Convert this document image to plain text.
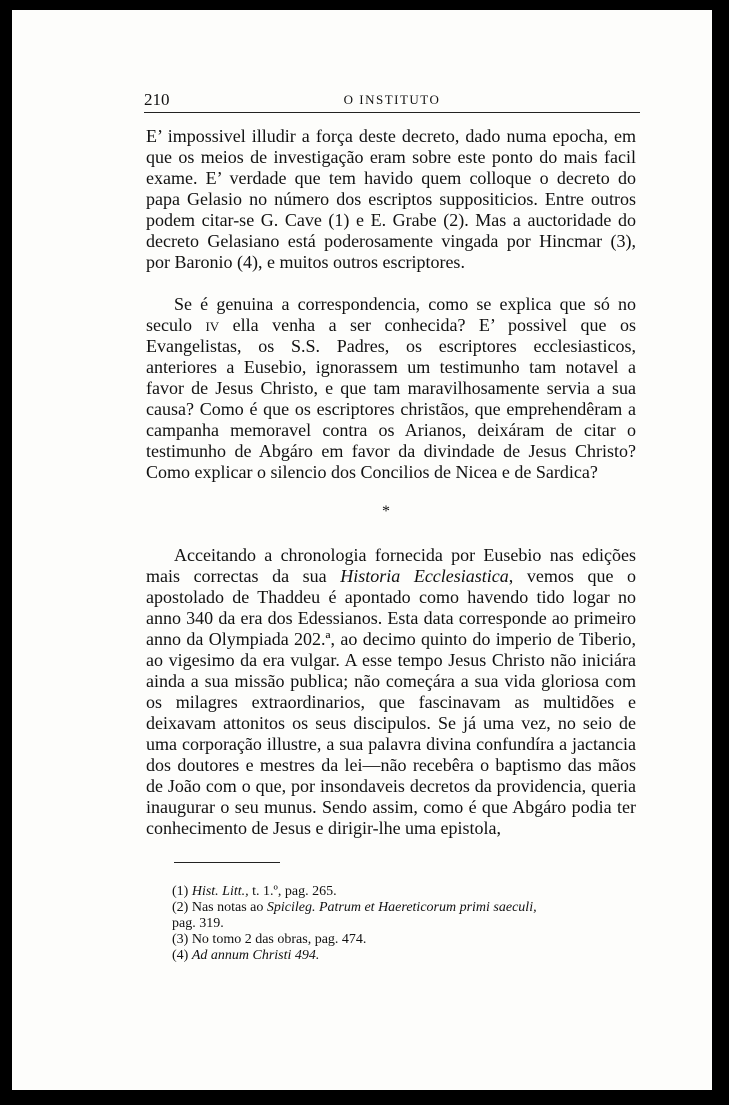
210	O INSTITUTO

E’ impossivel illudir a força deste decreto, dado numa epocha, em que os meios de investigação eram sobre este ponto do mais facil exame. E’ verdade que tem havido quem colloque o decreto do papa Gelasio no número dos escriptos suppositicios. Entre outros podem citar-se G. Cave (1) e E. Grabe (2). Mas a auctoridade do decreto Gelasiano está poderosamente vingada por Hincmar (3), por Baronio (4), e muitos outros escriptores.

Se é genuina a correspondencia, como se explica que só no seculo iv ella venha a ser conhecida? E’ possivel que os Evangelistas, os S.S. Padres, os escriptores ecclesiasticos, anteriores a Eusebio, ignorassem um testimunho tam notavel a favor de Jesus Christo, e que tam maravilhosamente servia a sua causa? Como é que os escriptores christãos, que emprehendêram a campanha memoravel contra os Arianos, deixáram de citar o testimunho de Abgáro em favor da divindade de Jesus Christo? Como explicar o silencio dos Concilios de Nicea e de Sardica?

*

Acceitando a chronologia fornecida por Eusebio nas edições mais correctas da sua Historia Ecclesiastica, vemos que o apostolado de Thaddeu é apontado como havendo tido logar no anno 340 da era dos Edessianos. Esta data corresponde ao primeiro anno da Olympiada 202.ª, ao decimo quinto do imperio de Tiberio, ao vigesimo da era vulgar. A esse tempo Jesus Christo não iniciára ainda a sua missão publica; não começára a sua vida gloriosa com os milagres extraordinarios, que fascinavam as multidões e deixavam attonitos os seus discipulos. Se já uma vez, no seio de uma corporação illustre, a sua palavra divina confundíra a jactancia dos doutores e mestres da lei—não recebêra o baptismo das mãos de João com o que, por insondaveis decretos da providencia, queria inaugurar o seu munus. Sendo assim, como é que Abgáro podia ter conhecimento de Jesus e dirigir-lhe uma epistola,

(1) Hist. Litt., t. 1.º, pag. 265.
(2) Nas notas ao Spicileg. Patrum et Haereticorum primi saeculi,
pag. 319.
(3) No tomo 2 das obras, pag. 474.
(4) Ad annum Christi 494.
